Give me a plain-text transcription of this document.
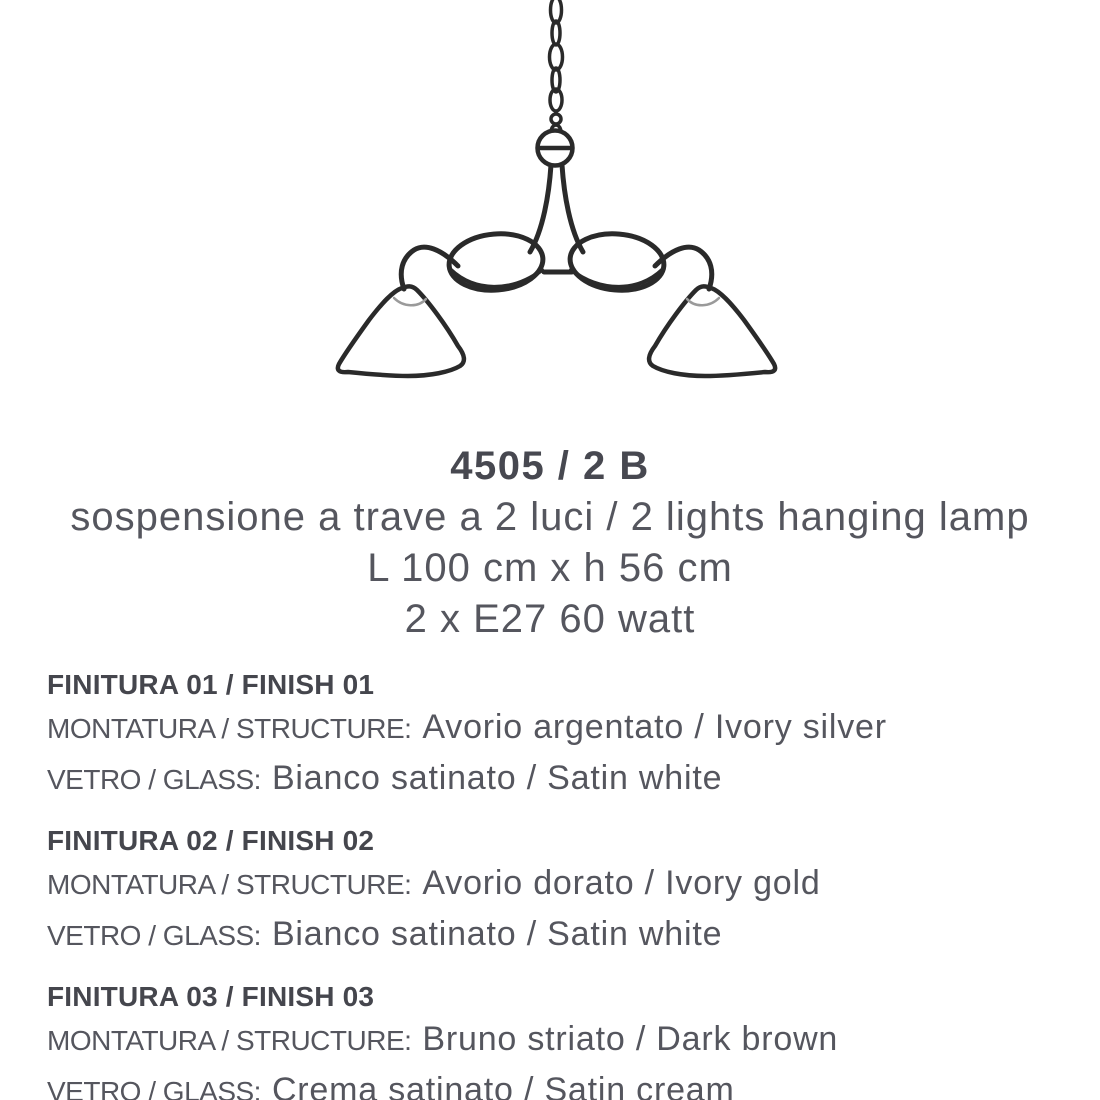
4505 / 2 B
sospensione a trave a 2 luci / 2 lights hanging lamp
L 100 cm x h 56 cm
2 x E27 60 watt
FINITURA 01 / FINISH 01
MONTATURA / STRUCTURE: Avorio argentato / Ivory silver
VETRO / GLASS: Bianco satinato / Satin white
FINITURA 02 / FINISH 02
MONTATURA / STRUCTURE: Avorio dorato / Ivory gold
VETRO / GLASS: Bianco satinato / Satin white
FINITURA 03 / FINISH 03
MONTATURA / STRUCTURE: Bruno striato / Dark brown
VETRO / GLASS: Crema satinato / Satin cream
